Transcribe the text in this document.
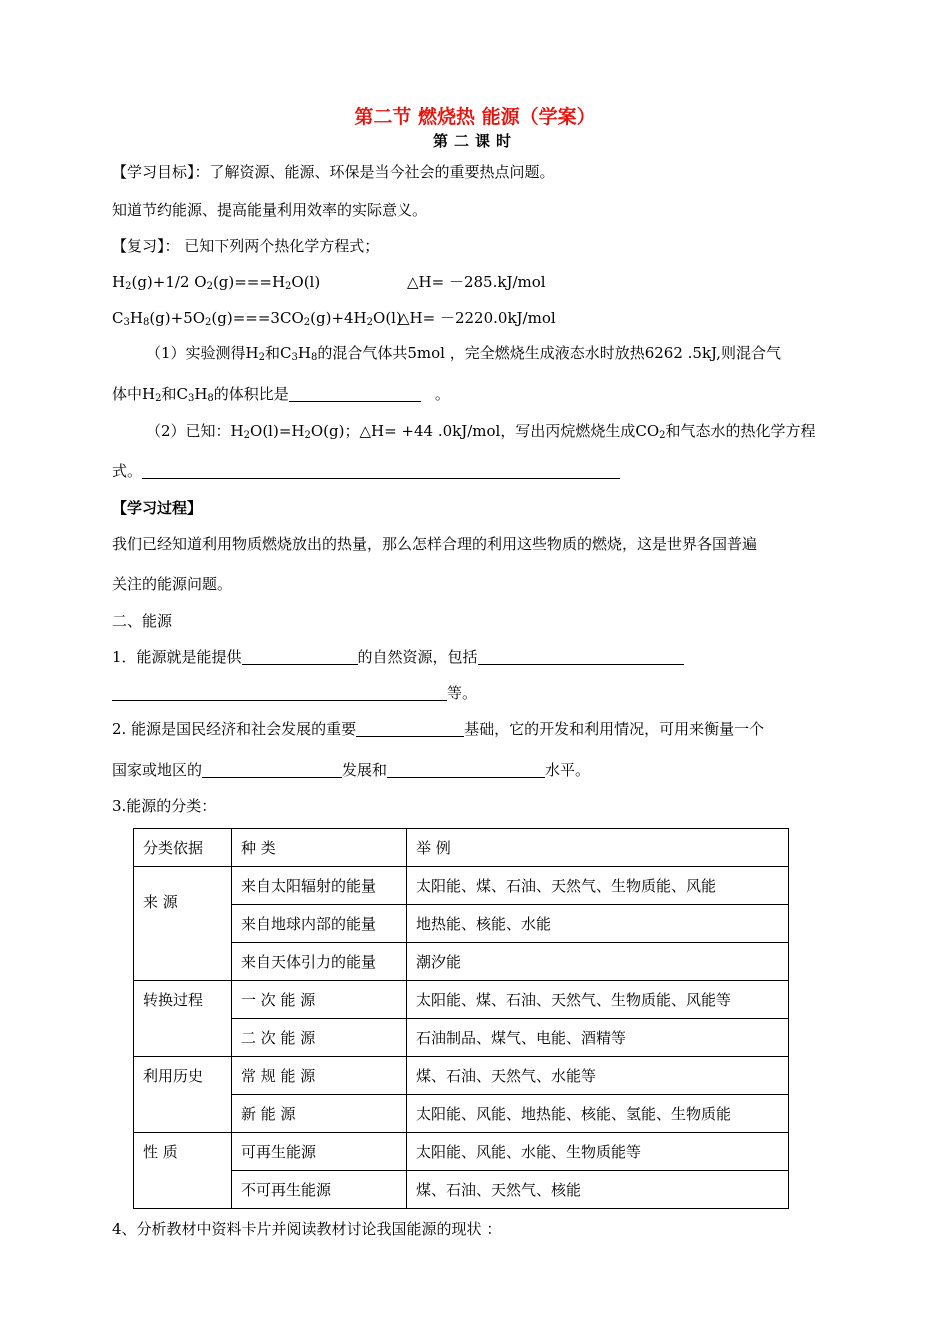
第二节 燃烧热 能源（学案）
第二课时
【学习目标】：了解资源、能源、环保是当今社会的重要热点问题。
知道节约能源、提高能量利用效率的实际意义。
【复习】： 已知下列两个热化学方程式；
$H_2(g)+1/2$ $O_2(g)===H_2O(l)$	△H= －285.kJ/mol
$C_3H_8(g)+5O_2(g)===3CO_2(g)+4H_2O(l)$
△H= －2220.0kJ/mol
（1）实验测得$H_2$和$C_3H_8$的混合气体共5mol ，完全燃烧生成液态水时放热6262 .5kJ,则混合气
体中$H_2$和$C_3H_8$的体积比是	。
（2）已知：$H_2O(l)=H_2O(g)$；△H= +44 .0kJ/mol，写出丙烷燃烧生成$CO_2$和气态水的热化学方程
式。
【学习过程】
我们已经知道利用物质燃烧放出的热量，那么怎样合理的利用这些物质的燃烧，这是世界各国普遍
关注的能源问题。
二、能源
1．能源就是能提供	的自然资源，包括
等。
2. 能源是国民经济和社会发展的重要	基础，它的开发和利用情况，可用来衡量一个
国家或地区的	发展和	水平。
3.能源的分类：
分类依据	种 类	举 例
来 源	来自太阳辐射的能量	太阳能、煤、石油、天然气、生物质能、风能
	来自地球内部的能量	地热能、核能、水能
	来自天体引力的能量	潮汐能
转换过程	一 次 能 源	太阳能、煤、石油、天然气、生物质能、风能等
	二 次 能 源	石油制品、煤气、电能、酒精等
利用历史	常 规 能 源	煤、石油、天然气、水能等
	新 能 源	太阳能、风能、地热能、核能、氢能、生物质能
性 质	可再生能源	太阳能、风能、水能、生物质能等
	不可再生能源	煤、石油、天然气、核能
4、分析教材中资料卡片并阅读教材讨论我国能源的现状 ：
